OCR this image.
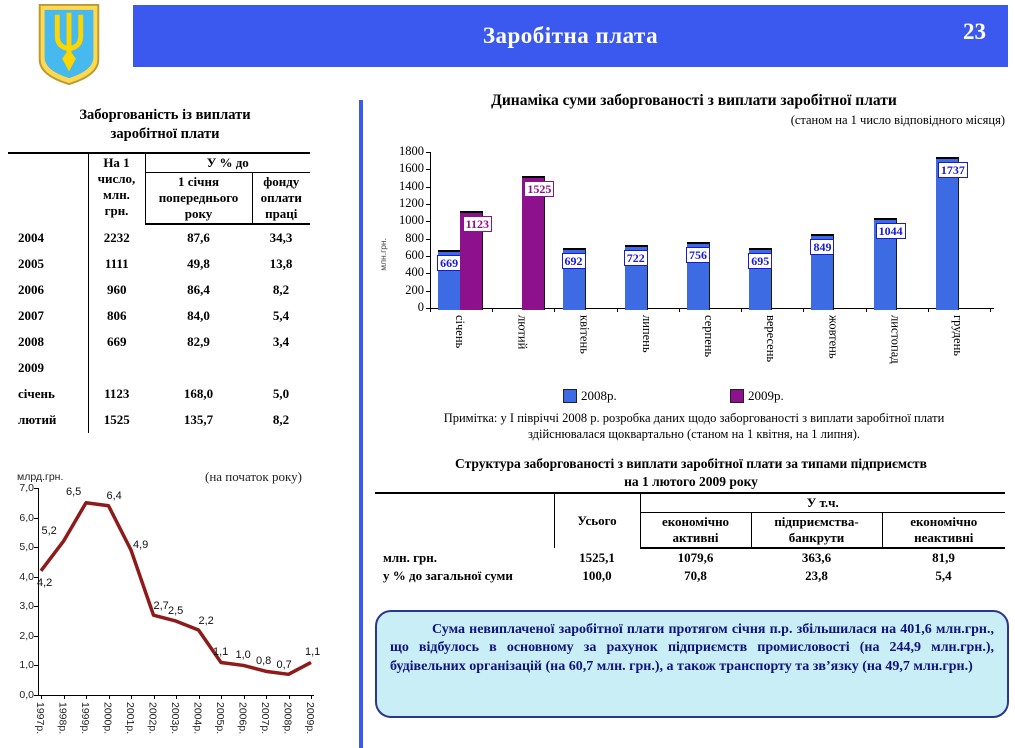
Заробітна плата	23
Заборгованість із виплати
заробітної плати
	На 1 число, млн. грн.	У % до	
		1 січня попереднього року	фонду оплати праці
2004	2232	87,6	34,3
2005	1111	49,8	13,8
2006	960	86,4	8,2
2007	806	84,0	5,4
2008	669	82,9	3,4
2009			
січень	1123	168,0	5,0
лютий	1525	135,7	8,2
млрд.грн.	(на початок року)
0,0
1,0
2,0
3,0
4,0
5,0
6,0
7,0
4,2
5,2
6,5 6,4
4,9
2,7 2,5
2,2
1,1 1,0 0,8 0,7
1,1
1997р. 1998р. 1999р. 2000р. 2001р. 2002р. 2003р. 2004р. 2005р. 2006р. 2007р. 2008р. 2009р.
Динаміка суми заборгованості з виплати заробітної плати
(станом на 1 число відповідного місяця)
млн.грн.
2008р.	2009р.
0
200
400
600
800
1000
1200
1400
1600
1800
січень
669
1123
лютий
1525
квітень
692
липень
722
серпень
756
вересень
695
жовтень
849
листопад
1044
грудень
1737
Примітка: у І півріччі 2008 р. розробка даних щодо заборгованості з виплати заробітної плати здійснювалася щоквартально (станом на 1 квітня, на 1 липня).
Структура заборгованості з виплати заробітної плати за типами підприємств
на 1 лютого 2009 року
	Усього	У т.ч.		
		економічно активні	підприємства-банкрути	економічно неактивні
млн. грн.	1525,1	1079,6	363,6	81,9
у % до загальної суми	100,0	70,8	23,8	5,4
Сума невиплаченої заробітної плати протягом січня п.р. збільшилася на 401,6 млн.грн., що відбулось в основному за рахунок підприємств промисловості (на 244,9 млн.грн.), будівельних організацій (на 60,7 млн. грн.), а також транспорту та зв’язку (на 49,7 млн.грн.)
